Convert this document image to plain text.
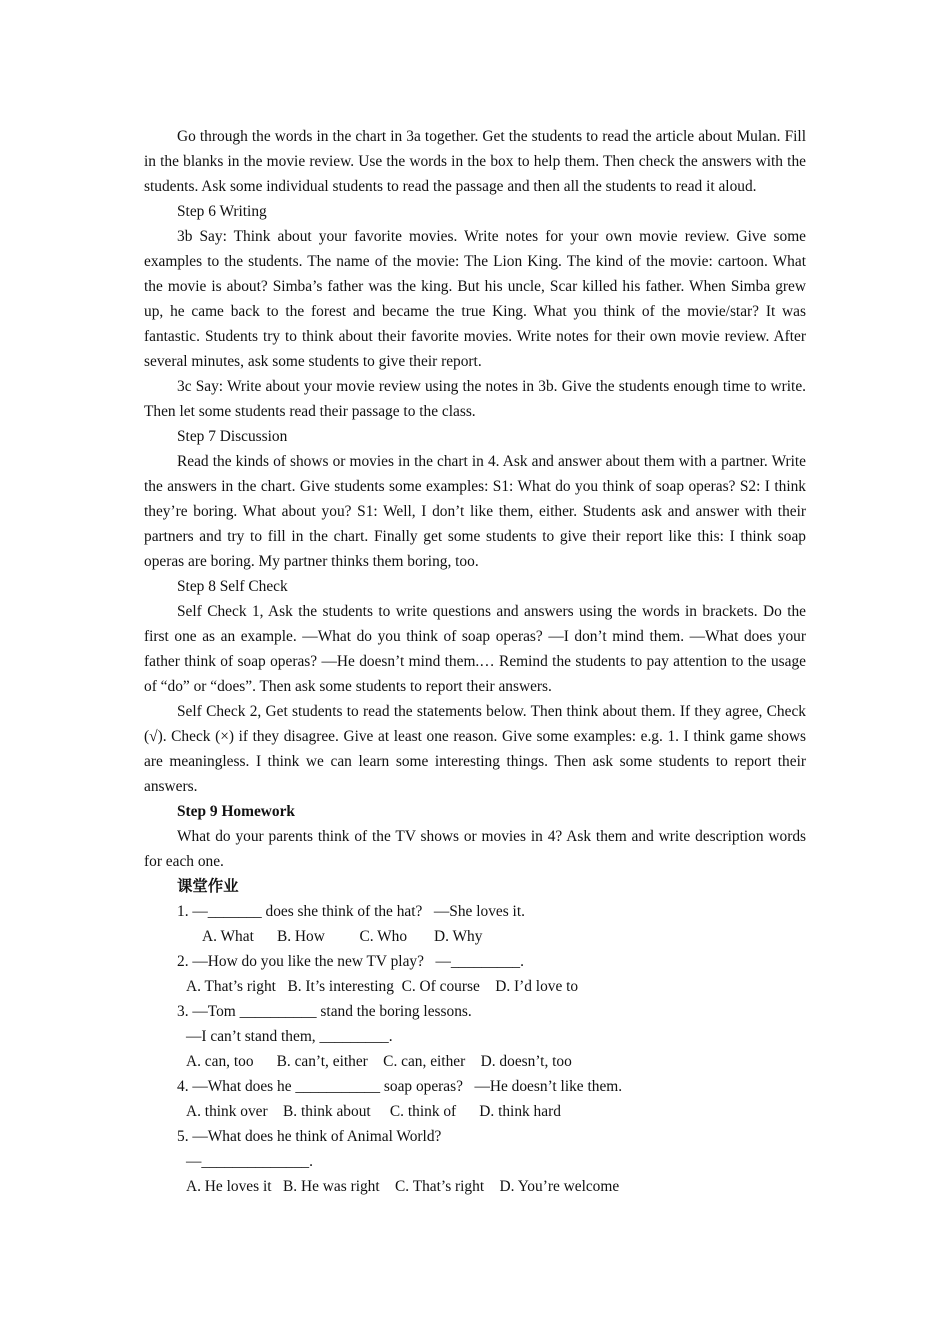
Go through the words in the chart in 3a together. Get the students to read the article about Mulan. Fill in the blanks in the movie review. Use the words in the box to help them. Then check the answers with the students. Ask some individual students to read the passage and then all the students to read it aloud.

Step 6 Writing

3b Say: Think about your favorite movies. Write notes for your own movie review. Give some examples to the students. The name of the movie: The Lion King. The kind of the movie: cartoon. What the movie is about? Simba’s father was the king. But his uncle, Scar killed his father. When Simba grew up, he came back to the forest and became the true King. What you think of the movie/star? It was fantastic. Students try to think about their favorite movies. Write notes for their own movie review. After several minutes, ask some students to give their report.

3c Say: Write about your movie review using the notes in 3b. Give the students enough time to write. Then let some students read their passage to the class.

Step 7 Discussion

Read the kinds of shows or movies in the chart in 4. Ask and answer about them with a partner. Write the answers in the chart. Give students some examples: S1: What do you think of soap operas? S2: I think they’re boring. What about you? S1: Well, I don’t like them, either. Students ask and answer with their partners and try to fill in the chart. Finally get some students to give their report like this: I think soap operas are boring. My partner thinks them boring, too.

Step 8 Self Check

Self Check 1, Ask the students to write questions and answers using the words in brackets. Do the first one as an example. —What do you think of soap operas? —I don’t mind them. —What does your father think of soap operas? —He doesn’t mind them.… Remind the students to pay attention to the usage of “do” or “does”. Then ask some students to report their answers.

Self Check 2, Get students to read the statements below. Then think about them. If they agree, Check (√). Check (×) if they disagree. Give at least one reason. Give some examples: e.g. 1. I think game shows are meaningless. I think we can learn some interesting things. Then ask some students to report their answers.

Step 9 Homework

What do your parents think of the TV shows or movies in 4? Ask them and write description words for each one.

课堂作业

1. —_______ does she think of the hat?   —She loves it.

A. What      B. How         C. Who       D. Why

2. —How do you like the new TV play?   —_________.

A. That’s right   B. It’s interesting  C. Of course    D. I’d love to

3. —Tom __________ stand the boring lessons.

—I can’t stand them, _________.

A. can, too      B. can’t, either    C. can, either    D. doesn’t, too

4. —What does he ___________ soap operas?   —He doesn’t like them.

A. think over    B. think about     C. think of      D. think hard

5. —What does he think of Animal World?

—______________.

A. He loves it   B. He was right    C. That’s right    D. You’re welcome
